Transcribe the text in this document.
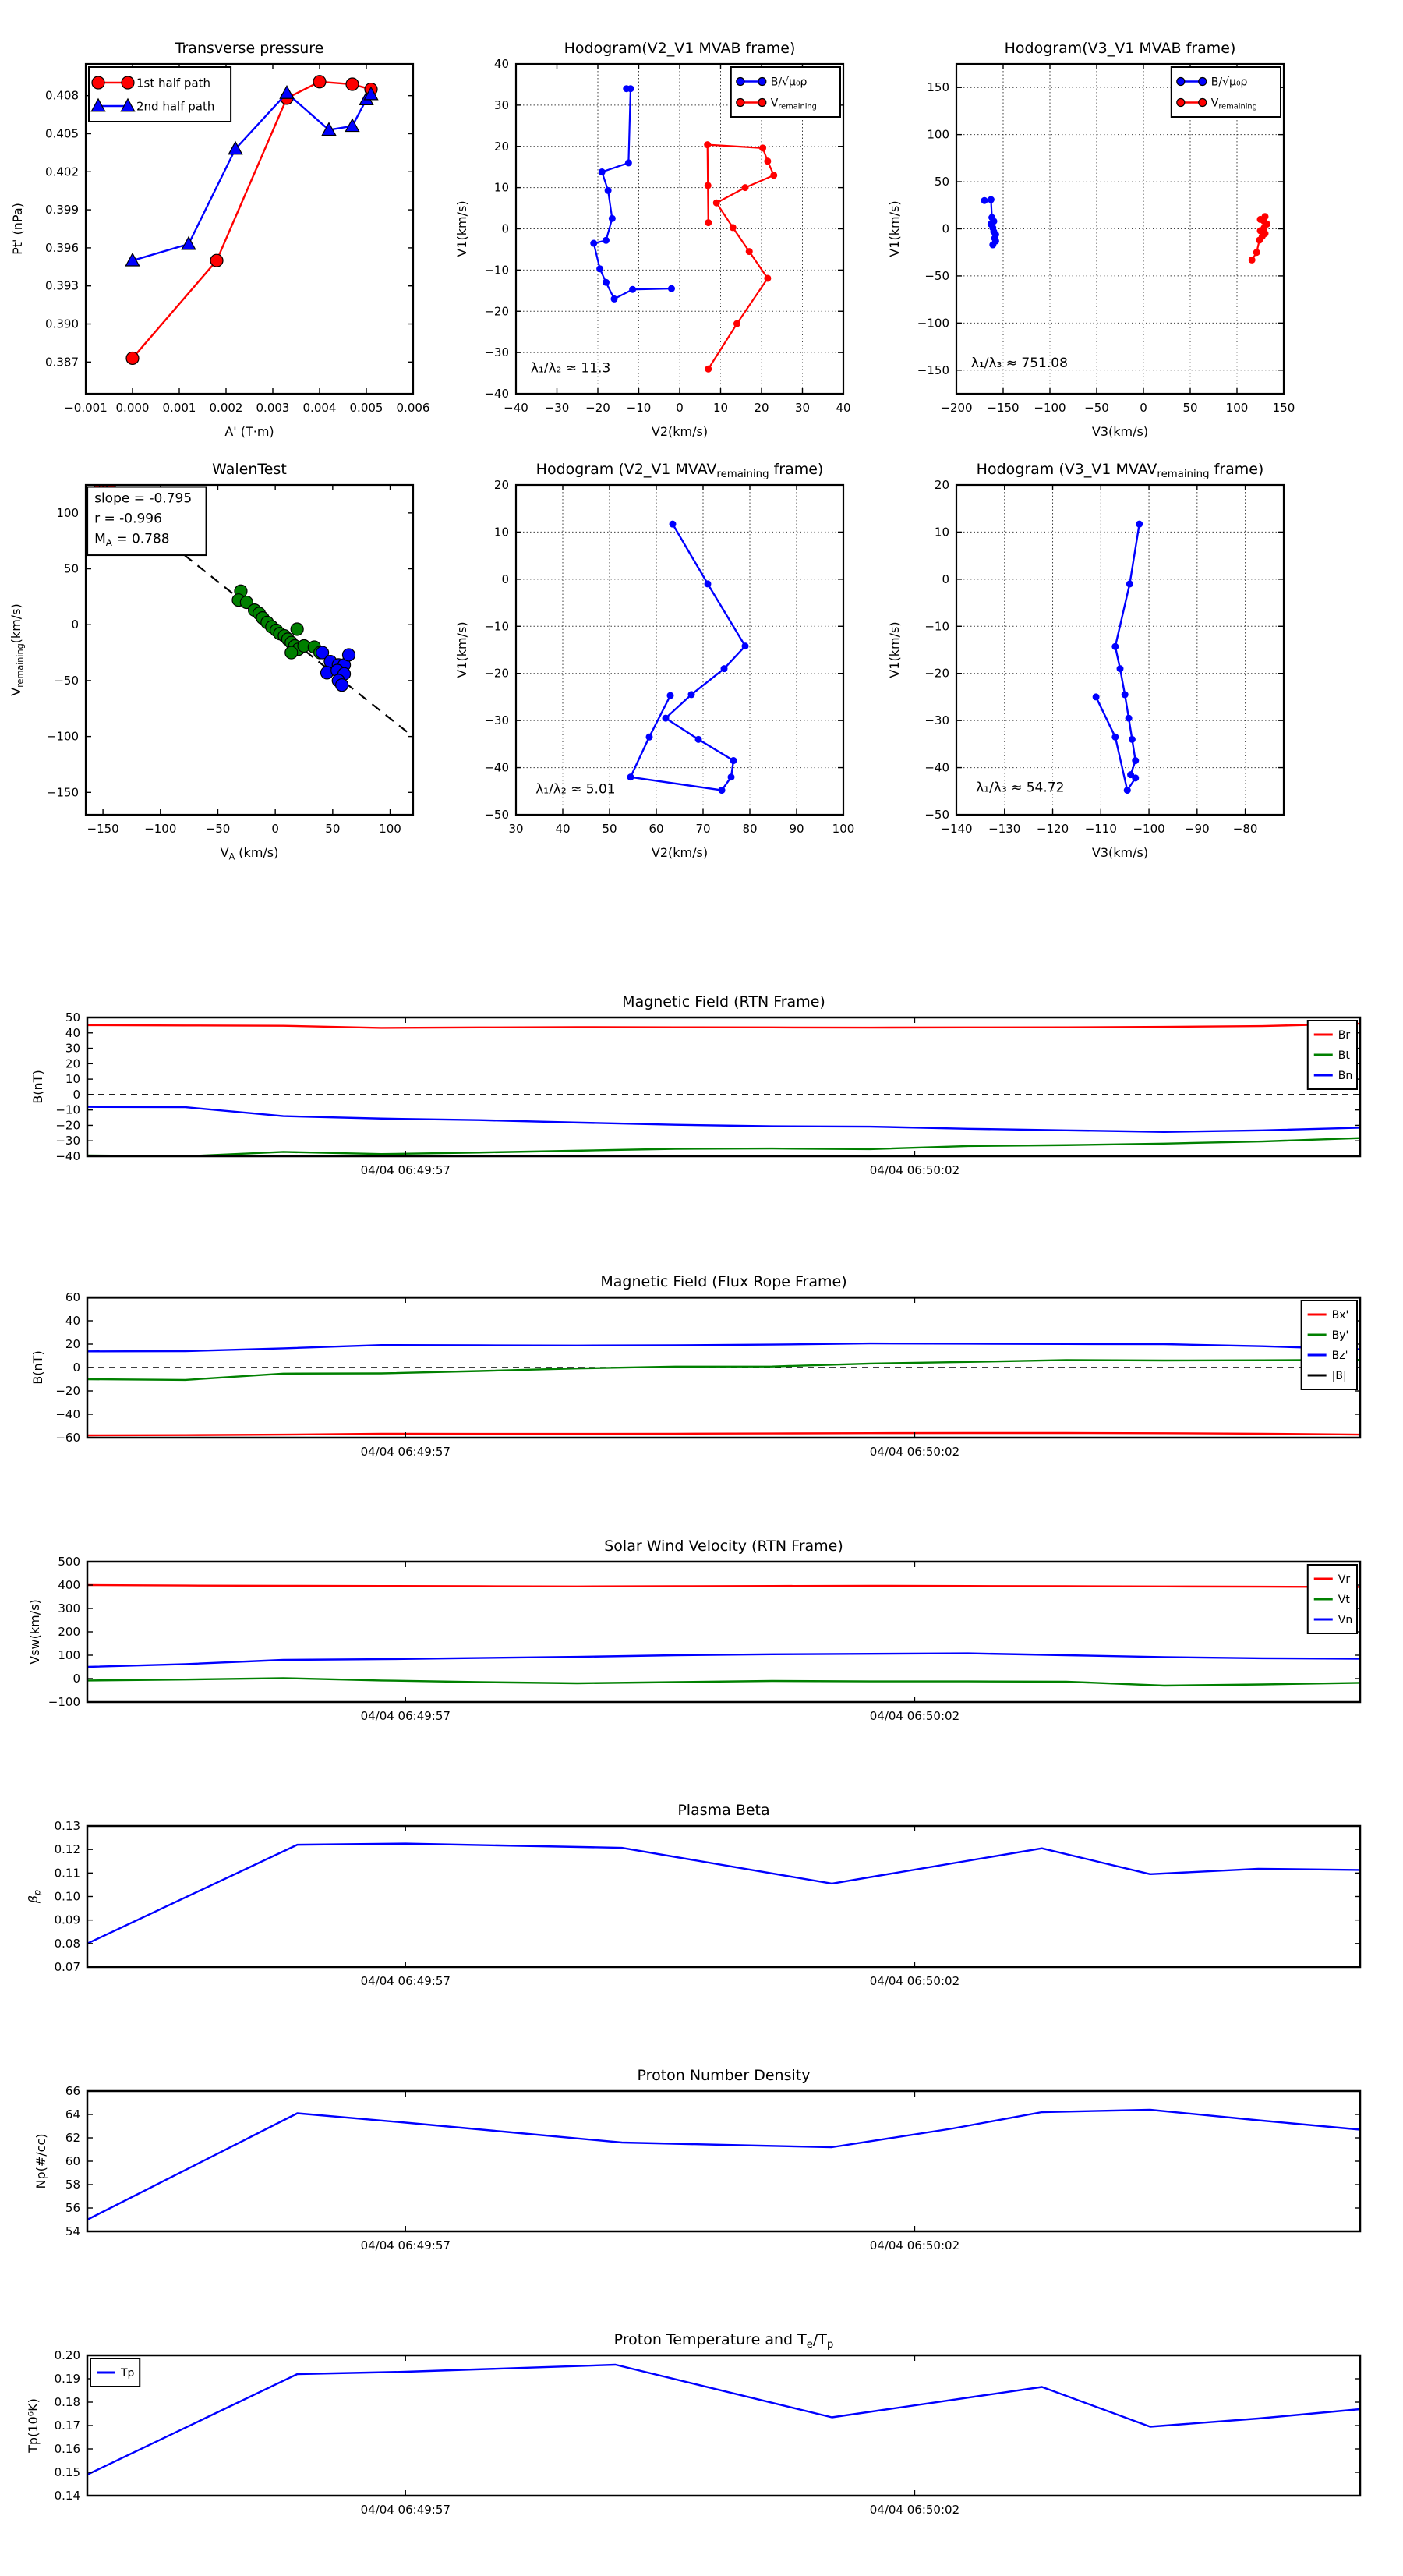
−0.001 0.000 0.001 0.002 0.003 0.004 0.005 0.006
0.387
0.390
0.393
0.396
0.399
0.402
0.405
0.408
Transverse pressure
A' (T·m)
Pt' (nPa)
1st half path
2nd half path
−40 −30 −20 −10 0	10 20 30 40
−40
−30
−20
−10
0
10
20
30
40
Hodogram(V2_V1 MVAB frame)
V2(km/s)
V1(km/s)
λ₁/λ₂ ≈ 11.3
B/√μ₀ρ
$V_{remaining}$
−200 −150 −100 −50	0	50 100 150
−150
−100
−50
0
50
100
150
Hodogram(V3_V1 MVAB frame)
V3(km/s)
V1(km/s)
λ₁/λ₃ ≈ 751.08
B/√μ₀ρ
$V_{remaining}$
−150 −100 −50	0	50	100
−150
−100
−50
0
50
100
WalenTest
$V_A$ (km/s)
$V_{remaining}(km/s)$
slope = -0.795
r = -0.996
$M_A = 0.788$
30	40	50	60	70	80	90 100
−50
−40
−30
−20
−10
0
10
20
Hodogram (V2_V1 $MVAV_{remaining}$ frame)
V2(km/s)
V1(km/s)
λ₁/λ₂ ≈ 5.01
−140 −130 −120 −110 −100 −90 −80
−50
−40
−30
−20
−10
0
10
20
Hodogram (V3_V1 $MVAV_{remaining}$ frame)
V3(km/s)
V1(km/s)
λ₁/λ₃ ≈ 54.72
04/04 06:49:57	04/04 06:50:02
−40
−30
−20
−10
0
10
20
30
40
50
Magnetic Field (RTN Frame)
B(nT)
Br
Bt
Bn
04/04 06:49:57	04/04 06:50:02
−60
−40
−20
0
20
40
60
Magnetic Field (Flux Rope Frame)
B(nT)
Bx'
By'
Bz'
|B|
04/04 06:49:57	04/04 06:50:02
−100
0
100
200
300
400
500
Solar Wind Velocity (RTN Frame)
Vsw(km/s)
Vr
Vt
Vn
04/04 06:49:57	04/04 06:50:02
0.07
0.08
0.09
0.10
0.11
0.12
0.13
Plasma Beta
$\beta_p$
04/04 06:49:57	04/04 06:50:02
54
56
58
60
62
64
66
Proton Number Density
Np(#/cc)
04/04 06:49:57	04/04 06:50:02
0.14
0.15
0.16
0.17
0.18
0.19
0.20
Proton Temperature and $T_e/T_p$
Tp(10⁶K)
Tp
